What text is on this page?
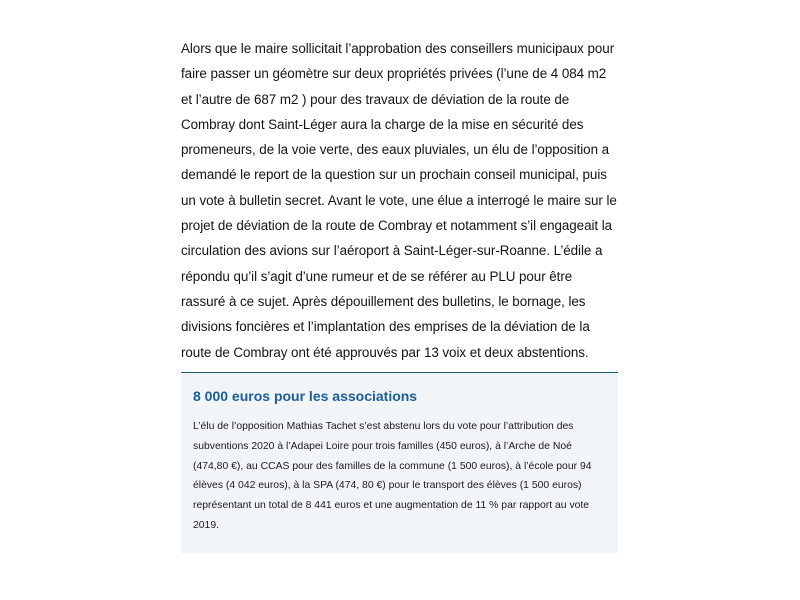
Alors que le maire sollicitait l’approbation des conseillers municipaux pour faire passer un géomètre sur deux propriétés privées (l’une de 4 084 m2 et l’autre de 687 m2 ) pour des travaux de déviation de la route de Combray dont Saint-Léger aura la charge de la mise en sécurité des promeneurs, de la voie verte, des eaux pluviales, un élu de l’opposition a demandé le report de la question sur un prochain conseil municipal, puis un vote à bulletin secret. Avant le vote, une élue a interrogé le maire sur le projet de déviation de la route de Combray et notamment s’il engageait la circulation des avions sur l’aéroport à Saint-Léger-sur-Roanne. L’édile a répondu qu’il s’agit d’une rumeur et de se référer au PLU pour être rassuré à ce sujet. Après dépouillement des bulletins, le bornage, les divisions foncières et l’implantation des emprises de la déviation de la route de Combray ont été approuvés par 13 voix et deux abstentions.

8 000 euros pour les associations

L’élu de l’opposition Mathias Tachet s’est abstenu lors du vote pour l’attribution des subventions 2020 à l’Adapei Loire pour trois familles (450 euros), à l’Arche de Noé (474,80 €), au CCAS pour des familles de la commune (1 500 euros), à l’école pour 94 élèves (4 042 euros), à la SPA (474, 80 €) pour le transport des élèves (1 500 euros) représentant un total de 8 441 euros et une augmentation de 11 % par rapport au vote 2019.
